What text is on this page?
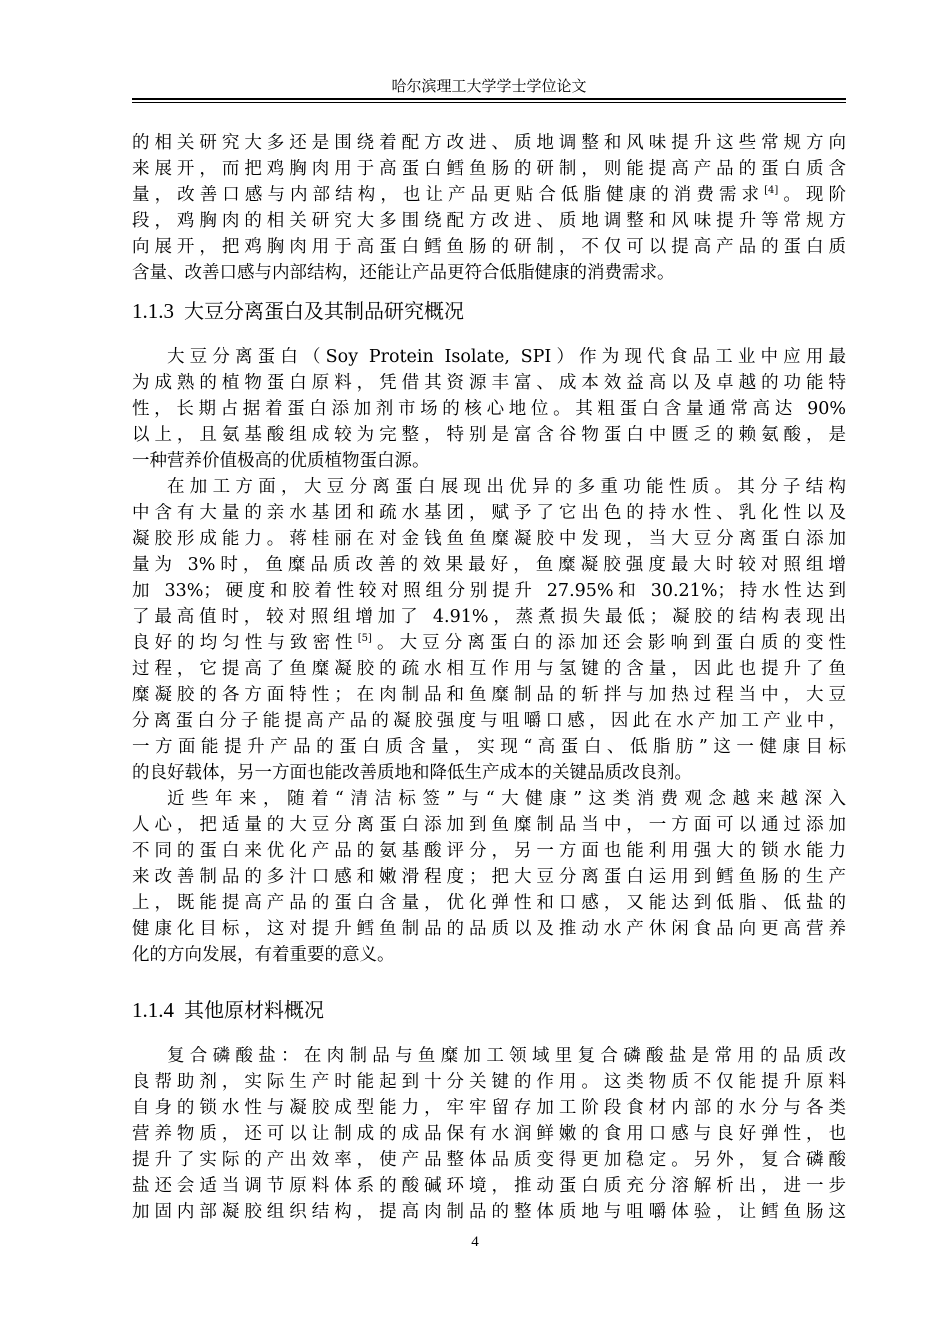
哈尔滨理工大学学士学位论文
的相关研究大多还是围绕着配方改进、质地调整和风味提升这些常规方向
来展开，而把鸡胸肉用于高蛋白鳕鱼肠的研制，则能提高产品的蛋白质含
量，改善口感与内部结构，也让产品更贴合低脂健康的消费需求[4]。现阶
段，鸡胸肉的相关研究大多围绕配方改进、质地调整和风味提升等常规方
向展开，把鸡胸肉用于高蛋白鳕鱼肠的研制，不仅可以提高产品的蛋白质
含量、改善口感与内部结构，还能让产品更符合低脂健康的消费需求。
1.1.3 大豆分离蛋白及其制品研究概况
大豆分离蛋白（Soy Protein Isolate, SPI）作为现代食品工业中应用最
为成熟的植物蛋白原料，凭借其资源丰富、成本效益高以及卓越的功能特
性，长期占据着蛋白添加剂市场的核心地位。其粗蛋白含量通常高达 90%
以上，且氨基酸组成较为完整，特别是富含谷物蛋白中匮乏的赖氨酸，是
一种营养价值极高的优质植物蛋白源。
在加工方面，大豆分离蛋白展现出优异的多重功能性质。其分子结构
中含有大量的亲水基团和疏水基团，赋予了它出色的持水性、乳化性以及
凝胶形成能力。蒋桂丽在对金钱鱼鱼糜凝胶中发现，当大豆分离蛋白添加
量为 3%时，鱼糜品质改善的效果最好，鱼糜凝胶强度最大时较对照组增
加 33%；硬度和胶着性较对照组分别提升 27.95%和 30.21%；持水性达到
了最高值时，较对照组增加了 4.91%，蒸煮损失最低；凝胶的结构表现出
良好的均匀性与致密性[5]。大豆分离蛋白的添加还会影响到蛋白质的变性
过程，它提高了鱼糜凝胶的疏水相互作用与氢键的含量，因此也提升了鱼
糜凝胶的各方面特性；在肉制品和鱼糜制品的斩拌与加热过程当中，大豆
分离蛋白分子能提高产品的凝胶强度与咀嚼口感，因此在水产加工产业中，
一方面能提升产品的蛋白质含量，实现“高蛋白、低脂肪”这一健康目标
的良好载体，另一方面也能改善质地和降低生产成本的关键品质改良剂。
近些年来，随着“清洁标签”与“大健康”这类消费观念越来越深入
人心，把适量的大豆分离蛋白添加到鱼糜制品当中，一方面可以通过添加
不同的蛋白来优化产品的氨基酸评分，另一方面也能利用强大的锁水能力
来改善制品的多汁口感和嫩滑程度；把大豆分离蛋白运用到鳕鱼肠的生产
上，既能提高产品的蛋白含量，优化弹性和口感，又能达到低脂、低盐的
健康化目标，这对提升鳕鱼制品的品质以及推动水产休闲食品向更高营养
化的方向发展，有着重要的意义。
1.1.4 其他原材料概况
复合磷酸盐：在肉制品与鱼糜加工领域里复合磷酸盐是常用的品质改
良帮助剂，实际生产时能起到十分关键的作用。这类物质不仅能提升原料
自身的锁水性与凝胶成型能力，牢牢留存加工阶段食材内部的水分与各类
营养物质，还可以让制成的成品保有水润鲜嫩的食用口感与良好弹性，也
提升了实际的产出效率，使产品整体品质变得更加稳定。另外，复合磷酸
盐还会适当调节原料体系的酸碱环境，推动蛋白质充分溶解析出，进一步
加固内部凝胶组织结构，提高肉制品的整体质地与咀嚼体验，让鳕鱼肠这
4
